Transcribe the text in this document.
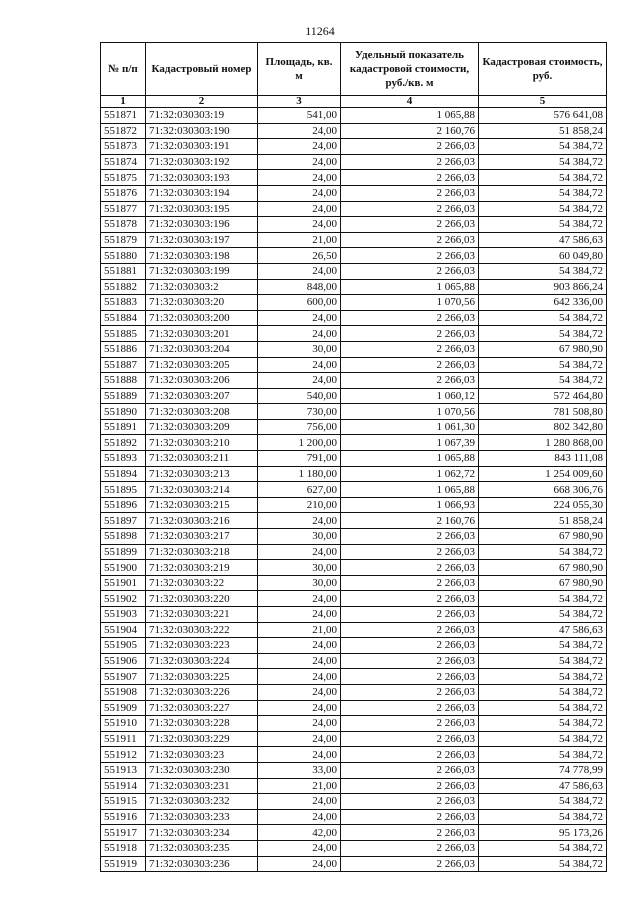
11264
№ п/п	Кадастровый номер	Площадь, кв. м	Удельный показатель кадастровой стоимости, руб./кв. м	Кадастровая стоимость, руб.
1	2	3	4	5
551871	71:32:030303:19	541,00	1 065,88	576 641,08
551872	71:32:030303:190	24,00	2 160,76	51 858,24
551873	71:32:030303:191	24,00	2 266,03	54 384,72
551874	71:32:030303:192	24,00	2 266,03	54 384,72
551875	71:32:030303:193	24,00	2 266,03	54 384,72
551876	71:32:030303:194	24,00	2 266,03	54 384,72
551877	71:32:030303:195	24,00	2 266,03	54 384,72
551878	71:32:030303:196	24,00	2 266,03	54 384,72
551879	71:32:030303:197	21,00	2 266,03	47 586,63
551880	71:32:030303:198	26,50	2 266,03	60 049,80
551881	71:32:030303:199	24,00	2 266,03	54 384,72
551882	71:32:030303:2	848,00	1 065,88	903 866,24
551883	71:32:030303:20	600,00	1 070,56	642 336,00
551884	71:32:030303:200	24,00	2 266,03	54 384,72
551885	71:32:030303:201	24,00	2 266,03	54 384,72
551886	71:32:030303:204	30,00	2 266,03	67 980,90
551887	71:32:030303:205	24,00	2 266,03	54 384,72
551888	71:32:030303:206	24,00	2 266,03	54 384,72
551889	71:32:030303:207	540,00	1 060,12	572 464,80
551890	71:32:030303:208	730,00	1 070,56	781 508,80
551891	71:32:030303:209	756,00	1 061,30	802 342,80
551892	71:32:030303:210	1 200,00	1 067,39	1 280 868,00
551893	71:32:030303:211	791,00	1 065,88	843 111,08
551894	71:32:030303:213	1 180,00	1 062,72	1 254 009,60
551895	71:32:030303:214	627,00	1 065,88	668 306,76
551896	71:32:030303:215	210,00	1 066,93	224 055,30
551897	71:32:030303:216	24,00	2 160,76	51 858,24
551898	71:32:030303:217	30,00	2 266,03	67 980,90
551899	71:32:030303:218	24,00	2 266,03	54 384,72
551900	71:32:030303:219	30,00	2 266,03	67 980,90
551901	71:32:030303:22	30,00	2 266,03	67 980,90
551902	71:32:030303:220	24,00	2 266,03	54 384,72
551903	71:32:030303:221	24,00	2 266,03	54 384,72
551904	71:32:030303:222	21,00	2 266,03	47 586,63
551905	71:32:030303:223	24,00	2 266,03	54 384,72
551906	71:32:030303:224	24,00	2 266,03	54 384,72
551907	71:32:030303:225	24,00	2 266,03	54 384,72
551908	71:32:030303:226	24,00	2 266,03	54 384,72
551909	71:32:030303:227	24,00	2 266,03	54 384,72
551910	71:32:030303:228	24,00	2 266,03	54 384,72
551911	71:32:030303:229	24,00	2 266,03	54 384,72
551912	71:32:030303:23	24,00	2 266,03	54 384,72
551913	71:32:030303:230	33,00	2 266,03	74 778,99
551914	71:32:030303:231	21,00	2 266,03	47 586,63
551915	71:32:030303:232	24,00	2 266,03	54 384,72
551916	71:32:030303:233	24,00	2 266,03	54 384,72
551917	71:32:030303:234	42,00	2 266,03	95 173,26
551918	71:32:030303:235	24,00	2 266,03	54 384,72
551919	71:32:030303:236	24,00	2 266,03	54 384,72
